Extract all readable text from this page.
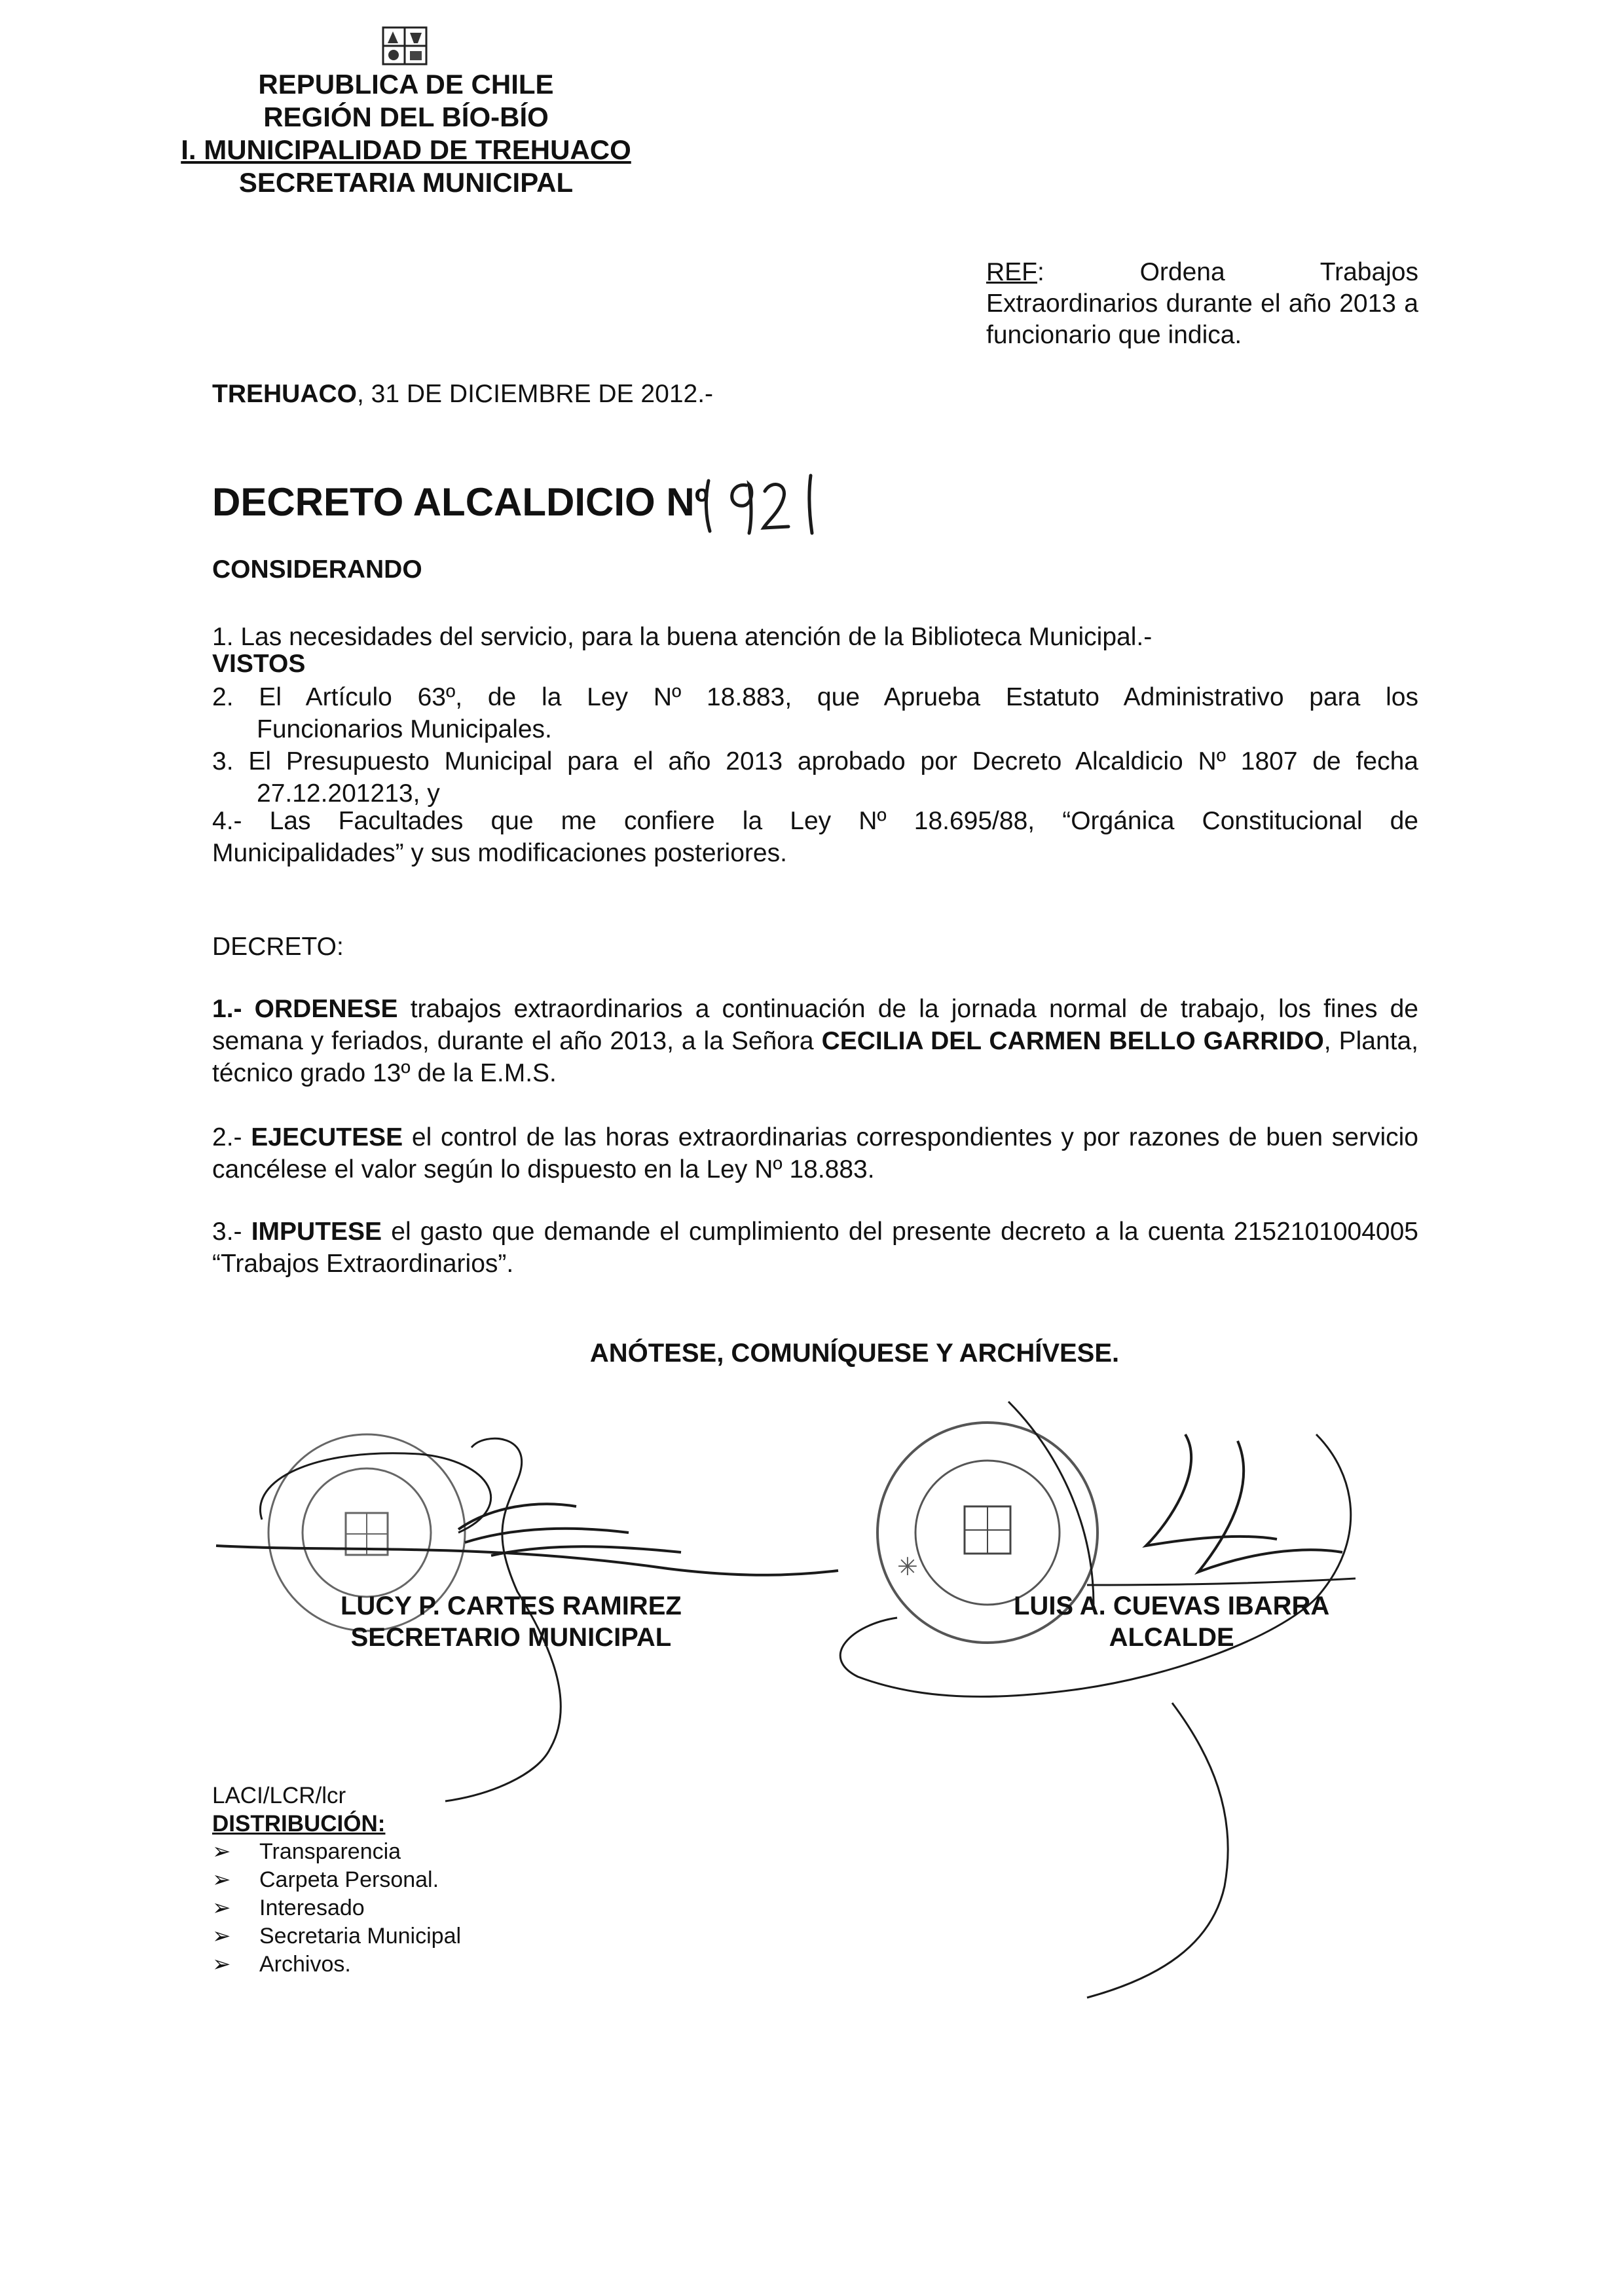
REPUBLICA DE CHILE
REGIÓN DEL BÍO-BÍO
I. MUNICIPALIDAD DE TREHUACO
SECRETARIA MUNICIPAL
REF: Ordena Trabajos Extraordinarios durante el año 2013 a funcionario que indica.
TREHUACO, 31 DE DICIEMBRE DE 2012.-
DECRETO ALCALDICIO Nº
1921
CONSIDERANDO
1. Las necesidades del servicio, para la buena atención de la Biblioteca Municipal.-
VISTOS
2. El Artículo 63º, de la Ley Nº 18.883, que Aprueba Estatuto Administrativo para los
Funcionarios Municipales.
3. El Presupuesto Municipal para el año 2013 aprobado por Decreto Alcaldicio Nº 1807 de fecha
27.12.201213, y
4.- Las Facultades que me confiere la Ley Nº 18.695/88, “Orgánica Constitucional de
Municipalidades” y sus modificaciones posteriores.
DECRETO:
1.- ORDENESE trabajos extraordinarios a continuación de la jornada normal de trabajo, los fines de semana y feriados, durante el año 2013, a la Señora CECILIA DEL CARMEN BELLO GARRIDO, Planta, técnico grado 13º de la E.M.S.
2.- EJECUTESE el control de las horas extraordinarias correspondientes y por razones de buen servicio cancélese el valor según lo dispuesto en la Ley Nº 18.883.
3.- IMPUTESE el gasto que demande el cumplimiento del presente decreto a la cuenta 2152101004005 “Trabajos Extraordinarios”.
ANÓTESE, COMUNÍQUESE Y ARCHÍVESE.
✳
LUCY P. CARTES RAMIREZ
SECRETARIO MUNICIPAL
LUIS A. CUEVAS IBARRA
ALCALDE
LACI/LCR/lcr
DISTRIBUCIÓN:
➢ Transparencia
➢ Carpeta Personal.
➢ Interesado
➢ Secretaria Municipal
➢ Archivos.
